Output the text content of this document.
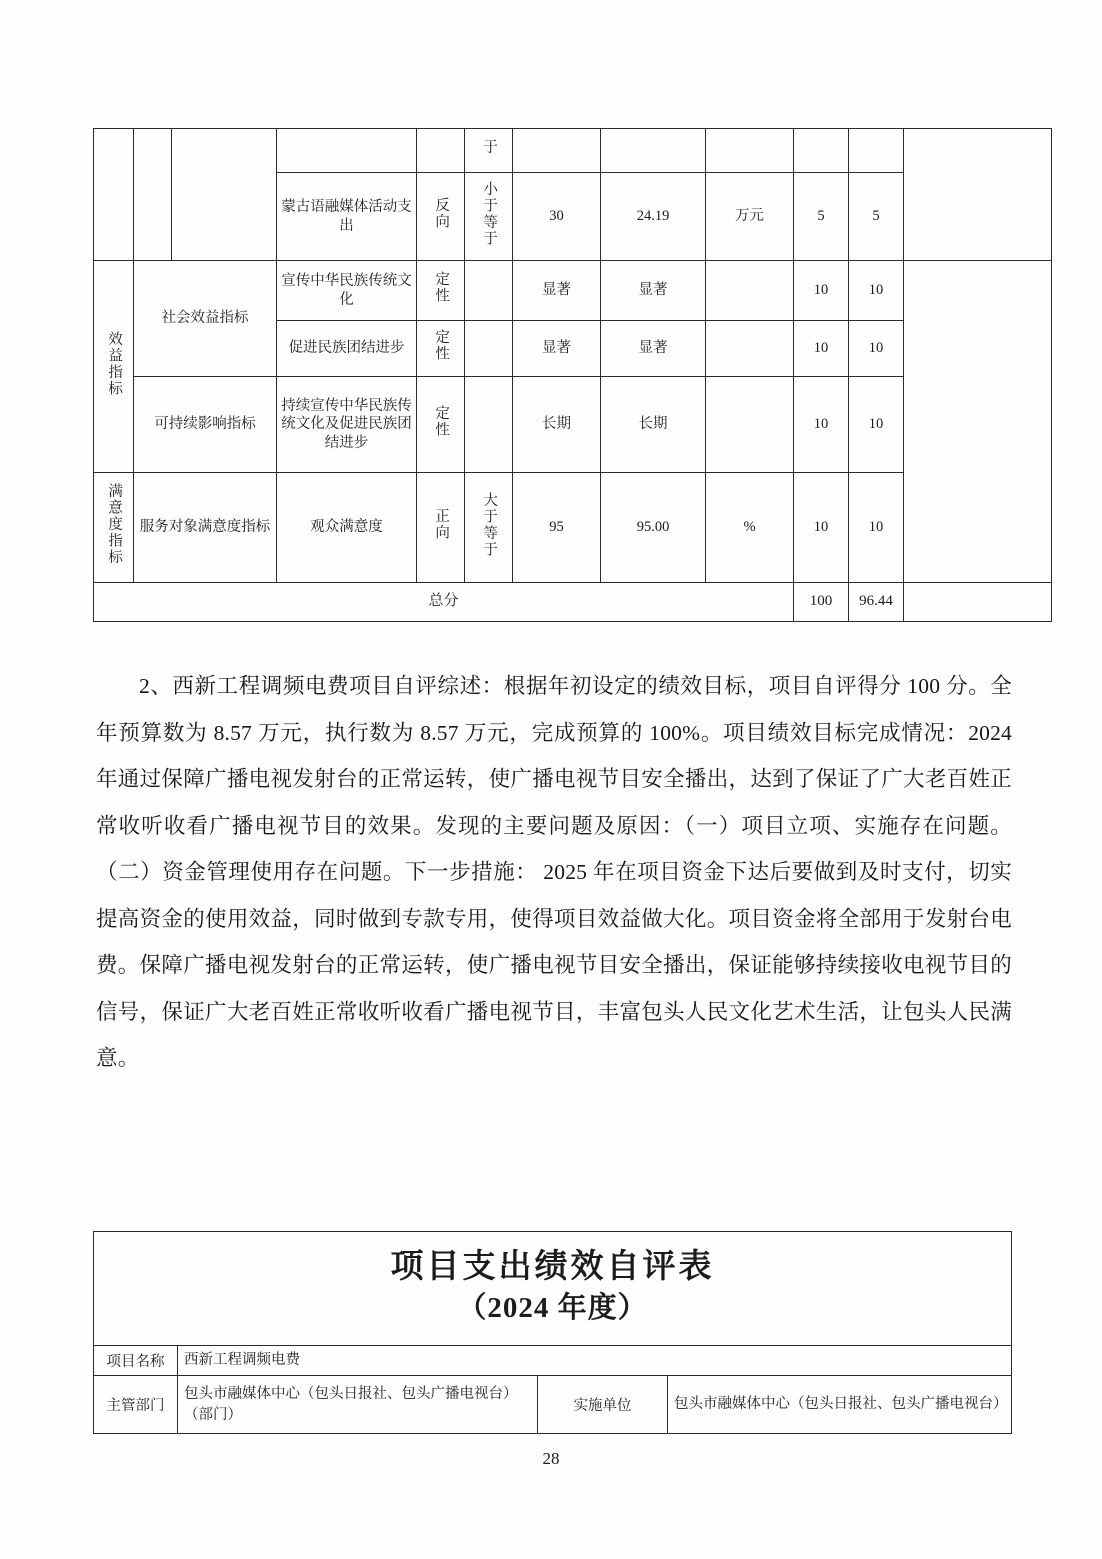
					于							
			蒙古语融媒体活动支出	反向	小于等于	30	24.19	万元	5	5		
效益指标	社会效益指标		宣传中华民族传统文化	定性		显著	显著		10	10		
			促进民族团结进步	定性		显著	显著		10	10		
	可持续影响指标		持续宣传中华民族传统文化及促进民族团结进步	定性		长期	长期		10	10		
满意度指标	服务对象满意度指标		观众满意度	正向	大于等于	95	95.00	%	10	10		
总分									100	96.44		
2、西新工程调频电费项目自评综述：根据年初设定的绩效目标，项目自评得分 100 分。全年预算数为 8.57 万元，执行数为 8.57 万元，完成预算的 100%。项目绩效目标完成情况：2024 年通过保障广播电视发射台的正常运转，使广播电视节目安全播出，达到了保证了广大老百姓正常收听收看广播电视节目的效果。发现的主要问题及原因：（一）项目立项、实施存在问题。（二）资金管理使用存在问题。下一步措施： 2025 年在项目资金下达后要做到及时支付，切实提高资金的使用效益，同时做到专款专用，使得项目效益做大化。项目资金将全部用于发射台电费。保障广播电视发射台的正常运转，使广播电视节目安全播出，保证能够持续接收电视节目的信号，保证广大老百姓正常收听收看广播电视节目，丰富包头人民文化艺术生活，让包头人民满意。
项目支出绩效自评表
（2024 年度）			

项目名称	西新工程调频电费		
主管部门	包头市融媒体中心（包头日报社、包头广播电视台）（部门）	实施单位	包头市融媒体中心（包头日报社、包头广播电视台）
28
